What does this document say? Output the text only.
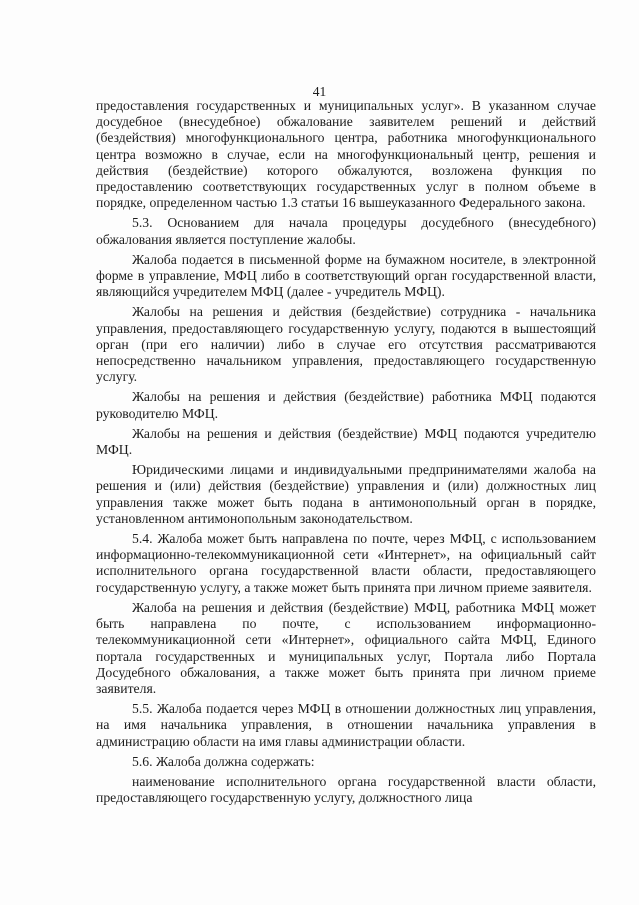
41

предоставления государственных и муниципальных услуг». В указанном случае досудебное (внесудебное) обжалование заявителем решений и действий (бездействия) многофункционального центра, работника многофункционального центра возможно в случае, если на многофункциональный центр, решения и действия (бездействие) которого обжалуются, возложена функция по предоставлению соответствующих государственных услуг в полном объеме в порядке, определенном частью 1.3 статьи 16 вышеуказанного Федерального закона.

5.3. Основанием для начала процедуры досудебного (внесудебного) обжалования является поступление жалобы.

Жалоба подается в письменной форме на бумажном носителе, в электронной форме в управление, МФЦ либо в соответствующий орган государственной власти, являющийся учредителем МФЦ (далее - учредитель МФЦ).

Жалобы на решения и действия (бездействие) сотрудника - начальника управления, предоставляющего государственную услугу, подаются в вышестоящий орган (при его наличии) либо в случае его отсутствия рассматриваются непосредственно начальником управления, предоставляющего государственную услугу.

Жалобы на решения и действия (бездействие) работника МФЦ подаются руководителю МФЦ.

Жалобы на решения и действия (бездействие) МФЦ подаются учредителю МФЦ.

Юридическими лицами и индивидуальными предпринимателями жалоба на решения и (или) действия (бездействие) управления и (или) должностных лиц управления также может быть подана в антимонопольный орган в порядке, установленном антимонопольным законодательством.

5.4. Жалоба может быть направлена по почте, через МФЦ, с использованием информационно-телекоммуникационной сети «Интернет», на официальный сайт исполнительного органа государственной власти области, предоставляющего государственную услугу, а также может быть принята при личном приеме заявителя.

Жалоба на решения и действия (бездействие) МФЦ, работника МФЦ может быть направлена по почте, с использованием информационно-телекоммуникационной сети «Интернет», официального сайта МФЦ, Единого портала государственных и муниципальных услуг, Портала либо Портала Досудебного обжалования, а также может быть принята при личном приеме заявителя.

5.5. Жалоба подается через МФЦ в отношении должностных лиц управления, на имя начальника управления, в отношении начальника управления в администрацию области на имя главы администрации области.

5.6. Жалоба должна содержать:

наименование исполнительного органа государственной власти области, предоставляющего государственную услугу, должностного лица
